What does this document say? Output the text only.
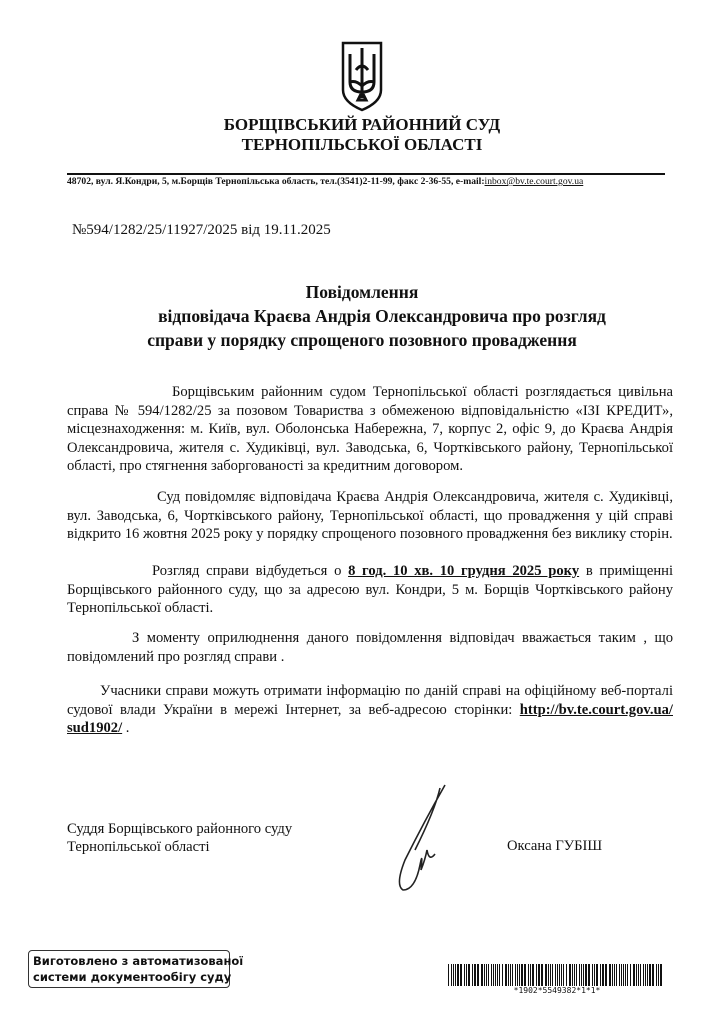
БОРЩІВСЬКИЙ РАЙОННИЙ СУД
ТЕРНОПІЛЬСЬКОЇ ОБЛАСТІ
48702, вул. Я.Кондри, 5, м.Борщів Тернопільська область, тел.(3541)2-11-99, факс 2-36-55, e-mail:inbox@bv.te.court.gov.ua
№594/1282/25/11927/2025 від 19.11.2025
Повідомлення
відповідача Краєва Андрія Олександровича про розгляд
справи у порядку спрощеного позовного провадження
Борщівським районним судом Тернопільської області розглядається цивільна справа № 594/1282/25 за позовом Товариства з обмеженою відповідальністю «ІЗІ КРЕДИТ», місцезнаходження: м. Київ, вул. Оболонська Набережна, 7, корпус 2, офіс 9, до Краєва Андрія Олександровича, жителя с. Худиківці, вул. Заводська, 6, Чортківського району, Тернопільської області, про стягнення заборгованості за кредитним договором.
Суд повідомляє відповідача Краєва Андрія Олександровича, жителя с. Худиківці, вул. Заводська, 6, Чортківського району, Тернопільської області, що провадження у цій справі відкрито 16 жовтня 2025 року у порядку спрощеного позовного провадження без виклику сторін.
Розгляд справи відбудеться о 8 год. 10 хв. 10 грудня 2025 року в приміщенні Борщівського районного суду, що за адресою вул. Кондри, 5 м. Борщів Чортківського району Тернопільської області.
З моменту оприлюднення даного повідомлення відповідач вважається таким , що повідомлений про розгляд справи .
Учасники справи можуть отримати інформацію по даній справі на офіційному веб-порталі судової влади України в мережі Інтернет, за веб-адресою сторінки: http://bv.te.court.gov.ua/ sud1902/ .
Суддя Борщівського районного суду
Тернопільської області	Оксана ГУБІШ
Виготовлено з автоматизованої
системи документообігу суду
*1902*5549382*1*1*
